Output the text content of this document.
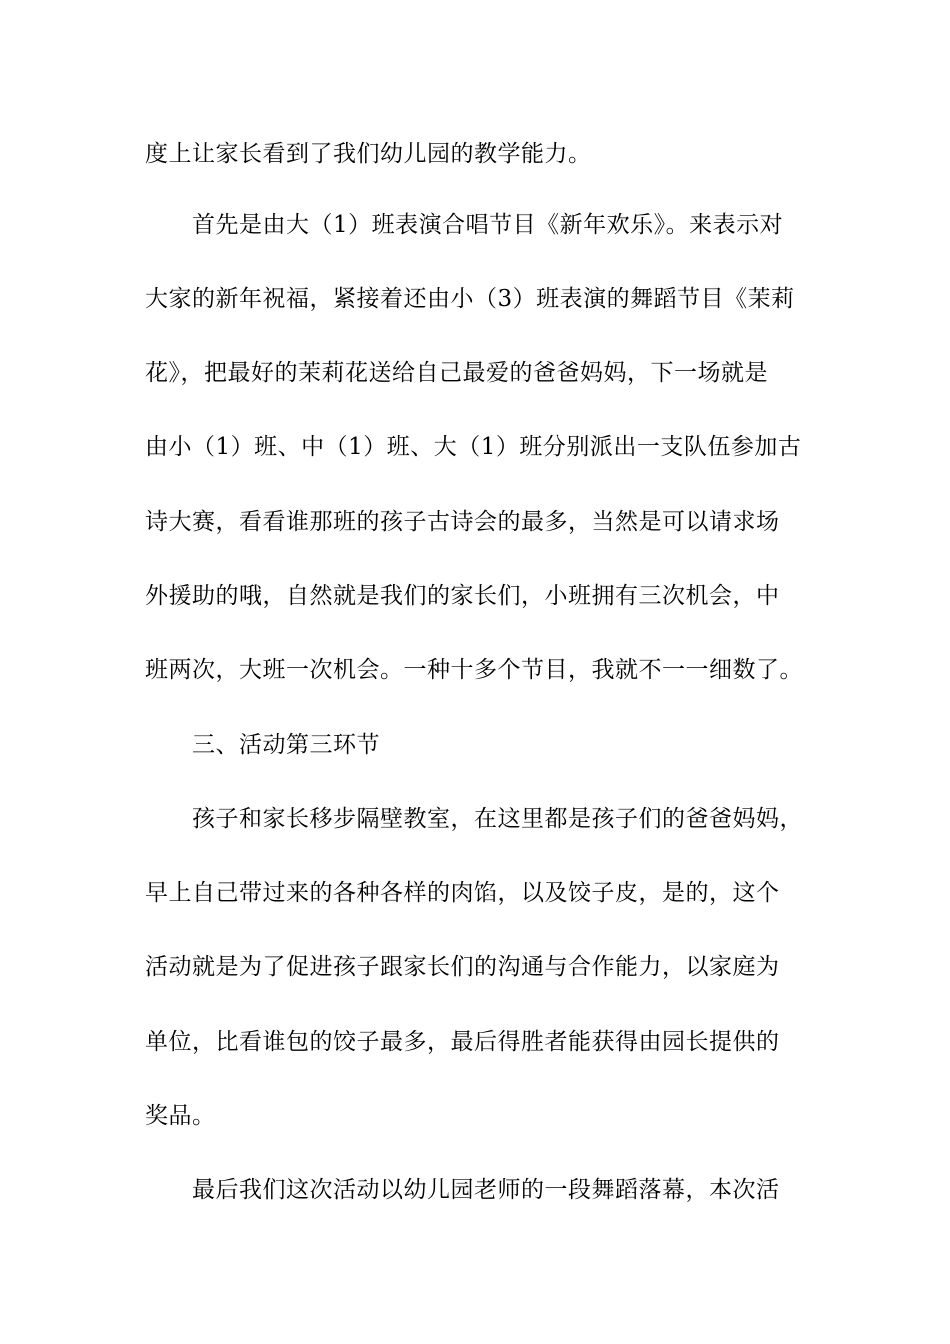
度上让家长看到了我们幼儿园的教学能力。
首先是由大（1）班表演合唱节目《新年欢乐》。来表示对
大家的新年祝福，紧接着还由小（3）班表演的舞蹈节目《茉莉
花》，把最好的茉莉花送给自己最爱的爸爸妈妈，下一场就是
由小（1）班、中（1）班、大（1）班分别派出一支队伍参加古
诗大赛，看看谁那班的孩子古诗会的最多，当然是可以请求场
外援助的哦，自然就是我们的家长们，小班拥有三次机会，中
班两次，大班一次机会。一种十多个节目，我就不一一细数了。
三、活动第三环节
孩子和家长移步隔壁教室，在这里都是孩子们的爸爸妈妈，
早上自己带过来的各种各样的肉馅，以及饺子皮，是的，这个
活动就是为了促进孩子跟家长们的沟通与合作能力，以家庭为
单位，比看谁包的饺子最多，最后得胜者能获得由园长提供的
奖品。
最后我们这次活动以幼儿园老师的一段舞蹈落幕，本次活
